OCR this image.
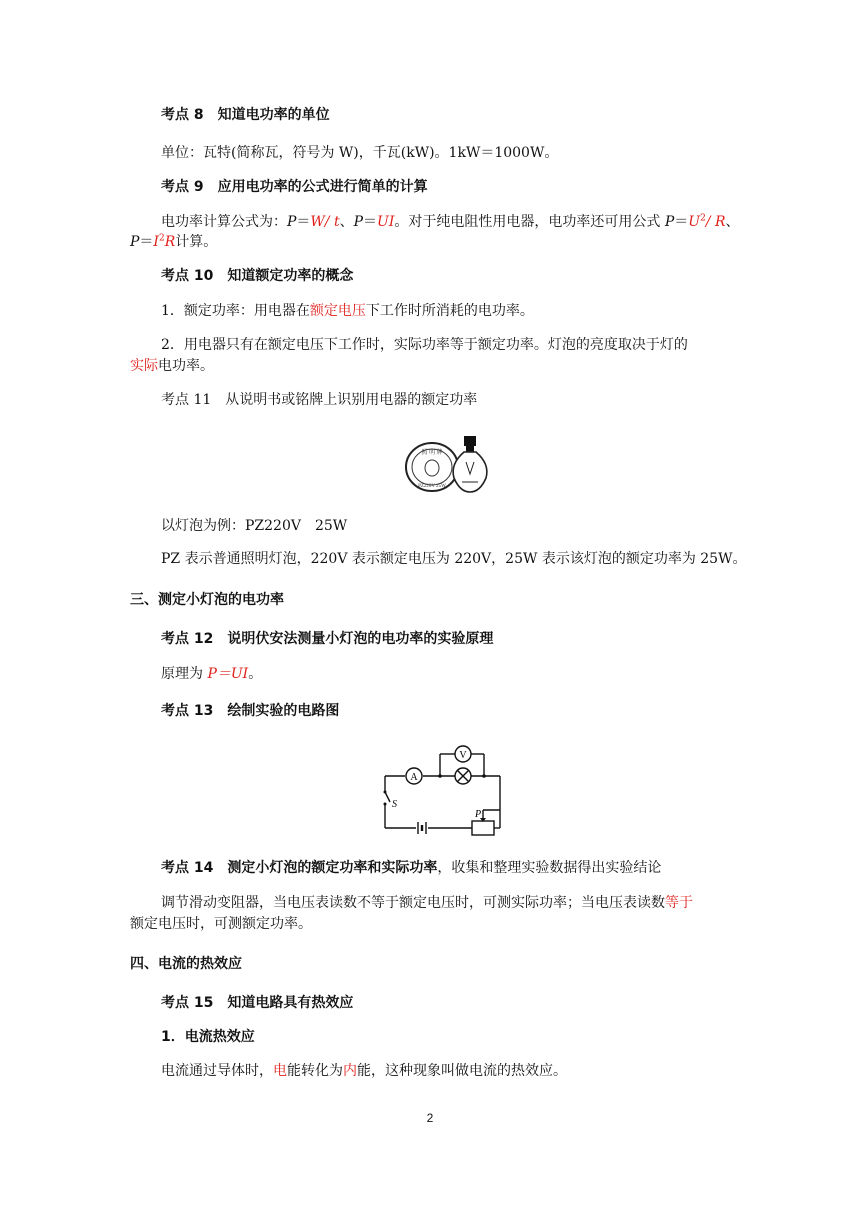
考点 8　知道电功率的单位
单位：瓦特(简称瓦，符号为 W)，千瓦(kW)。1kW＝1000W。
考点 9　应用电功率的公式进行简单的计算
电功率计算公式为：P＝W/ t、P＝UI。对于纯电阻性用电器，电功率还可用公式 $P=U^2/$ R、
$P=I^2R$计算。
考点 10　知道额定功率的概念
1．额定功率：用电器在额定电压下工作时所消耗的电功率。
2．用电器只有在额定电压下工作时，实际功率等于额定功率。灯泡的亮度取决于灯的
实际电功率。
考点 11　从说明书或铭牌上识别用电器的额定功率
照 明 牌
PZ220V 25W
以灯泡为例：PZ220V　25W
PZ 表示普通照明灯泡，220V 表示额定电压为 220V，25W 表示该灯泡的额定功率为 25W。
三、测定小灯泡的电功率
考点 12　说明伏安法测量小灯泡的电功率的实验原理
原理为 P＝UI。
考点 13　绘制实验的电路图
A
V
S
P
考点 14　测定小灯泡的额定功率和实际功率，收集和整理实验数据得出实验结论
调节滑动变阻器，当电压表读数不等于额定电压时，可测实际功率；当电压表读数等于
额定电压时，可测额定功率。
四、电流的热效应
考点 15　知道电路具有热效应
1．电流热效应
电流通过导体时，电能转化为内能，这种现象叫做电流的热效应。
2
